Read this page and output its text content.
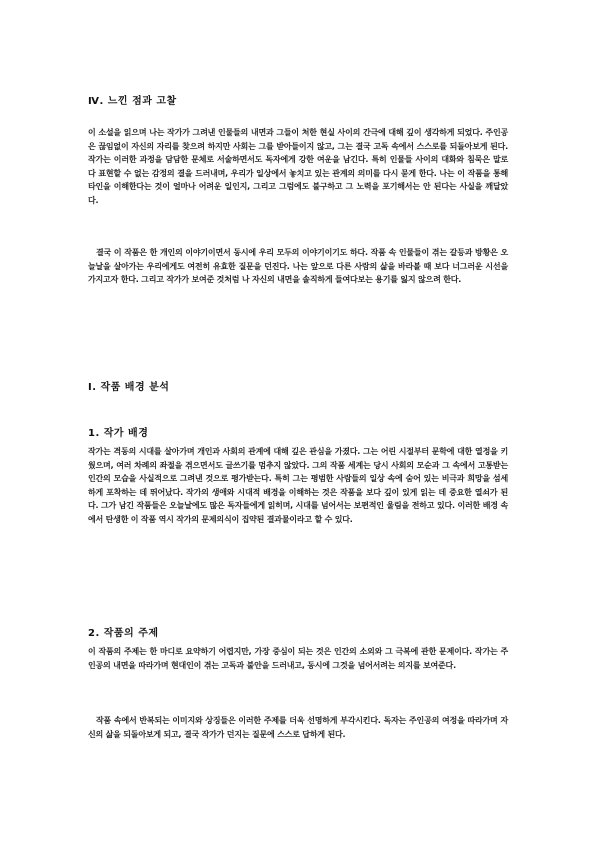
Ⅳ. 느낀 점과 고찰
이 소설을 읽으며 나는 작가가 그려낸 인물들의 내면과 그들이 처한 현실 사이의 간극에 대해 깊이 생각하게 되었다. 주인공은 끊임없이 자신의 자리를 찾으려 하지만 사회는 그를 받아들이지 않고, 그는 결국 고독 속에서 스스로를 되돌아보게 된다. 작가는 이러한 과정을 담담한 문체로 서술하면서도 독자에게 강한 여운을 남긴다. 특히 인물들 사이의 대화와 침묵은 말로 다 표현할 수 없는 감정의 결을 드러내며, 우리가 일상에서 놓치고 있는 관계의 의미를 다시 묻게 한다. 나는 이 작품을 통해 타인을 이해한다는 것이 얼마나 어려운 일인지, 그리고 그럼에도 불구하고 그 노력을 포기해서는 안 된다는 사실을 깨달았다.
결국 이 작품은 한 개인의 이야기이면서 동시에 우리 모두의 이야기이기도 하다. 작품 속 인물들이 겪는 갈등과 방황은 오늘날을 살아가는 우리에게도 여전히 유효한 질문을 던진다. 나는 앞으로 다른 사람의 삶을 바라볼 때 보다 너그러운 시선을 가지고자 한다. 그리고 작가가 보여준 것처럼 나 자신의 내면을 솔직하게 들여다보는 용기를 잃지 않으려 한다.
Ⅰ. 작품 배경 분석
1. 작가 배경
작가는 격동의 시대를 살아가며 개인과 사회의 관계에 대해 깊은 관심을 가졌다. 그는 어린 시절부터 문학에 대한 열정을 키웠으며, 여러 차례의 좌절을 겪으면서도 글쓰기를 멈추지 않았다. 그의 작품 세계는 당시 사회의 모순과 그 속에서 고통받는 인간의 모습을 사실적으로 그려낸 것으로 평가받는다. 특히 그는 평범한 사람들의 일상 속에 숨어 있는 비극과 희망을 섬세하게 포착하는 데 뛰어났다. 작가의 생애와 시대적 배경을 이해하는 것은 작품을 보다 깊이 있게 읽는 데 중요한 열쇠가 된다. 그가 남긴 작품들은 오늘날에도 많은 독자들에게 읽히며, 시대를 넘어서는 보편적인 울림을 전하고 있다. 이러한 배경 속에서 탄생한 이 작품 역시 작가의 문제의식이 집약된 결과물이라고 할 수 있다.
2. 작품의 주제
이 작품의 주제는 한 마디로 요약하기 어렵지만, 가장 중심이 되는 것은 인간의 소외와 그 극복에 관한 문제이다. 작가는 주인공의 내면을 따라가며 현대인이 겪는 고독과 불안을 드러내고, 동시에 그것을 넘어서려는 의지를 보여준다.
작품 속에서 반복되는 이미지와 상징들은 이러한 주제를 더욱 선명하게 부각시킨다. 독자는 주인공의 여정을 따라가며 자신의 삶을 되돌아보게 되고, 결국 작가가 던지는 질문에 스스로 답하게 된다.
